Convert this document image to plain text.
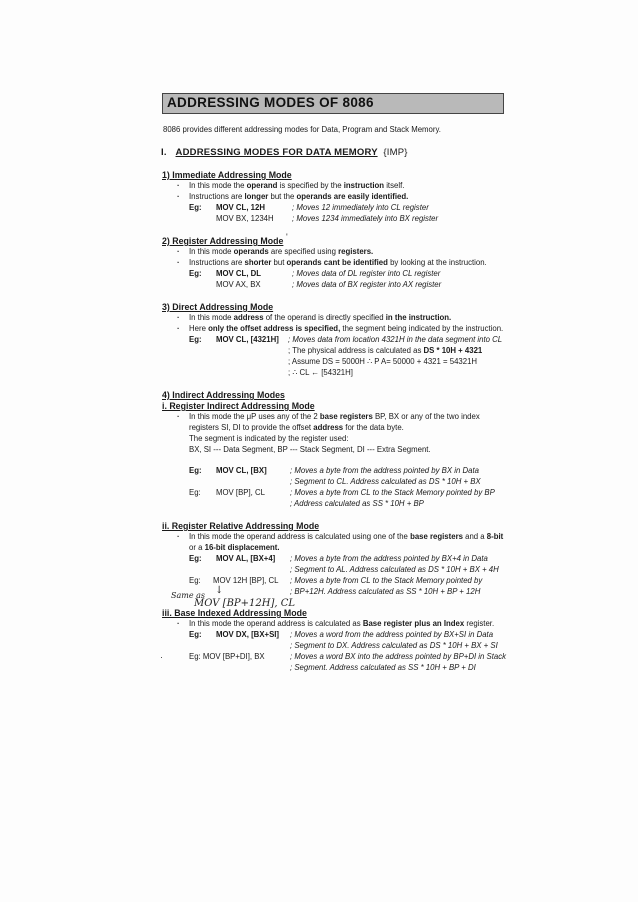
ADDRESSING MODES OF 8086
8086 provides different addressing modes for Data, Program and Stack Memory.
I. ADDRESSING MODES FOR DATA MEMORY {IMP}
1) Immediate Addressing Mode
· In this mode the operand is specified by the instruction itself.
· Instructions are longer but the operands are easily identified.
Eg: MOV CL, 12H	; Moves 12 immediately into CL register
MOV BX, 1234H ; Moves 1234 immediately into BX register
2) Register Addressing Mode '
· In this mode operands are specified using registers.
· Instructions are shorter but operands cant be identified by looking at the instruction.
Eg: MOV CL, DL	; Moves data of DL register into CL register
MOV AX, BX	; Moves data of BX register into AX register
3) Direct Addressing Mode
· In this mode address of the operand is directly specified in the instruction.
· Here only the offset address is specified, the segment being indicated by the instruction.
Eg: MOV CL, [4321H] ; Moves data from location 4321H in the data segment into CL
; The physical address is calculated as DS * 10H + 4321
; Assume DS = 5000H ∴ P A= 50000 + 4321 = 54321H
; ∴ CL ← [54321H]
4) Indirect Addressing Modes
i. Register Indirect Addressing Mode
· In this mode the μP uses any of the 2 base registers BP, BX or any of the two index
registers SI, DI to provide the offset address for the data byte.
The segment is indicated by the register used:
BX, SI --- Data Segment, BP --- Stack Segment, DI --- Extra Segment.
Eg: MOV CL, [BX]	; Moves a byte from the address pointed by BX in Data
; Segment to CL. Address calculated as DS * 10H + BX
Eg: MOV [BP], CL	; Moves a byte from CL to the Stack Memory pointed by BP
; Address calculated as SS * 10H + BP
ii. Register Relative Addressing Mode
· In this mode the operand address is calculated using one of the base registers and a 8-bit
or a 16-bit displacement.
Eg: MOV AL, [BX+4] ; Moves a byte from the address pointed by BX+4 in Data
; Segment to AL. Address calculated as DS * 10H + BX + 4H
Eg: MOV 12H [BP], CL ; Moves a byte from CL to the Stack Memory pointed by
; BP+12H. Address calculated as SS * 10H + BP + 12H
Same as ↓
MOV [BP+12H], CL
iii. Base Indexed Addressing Mode
· In this mode the operand address is calculated as Base register plus an Index register.
Eg: MOV DX, [BX+SI] ; Moves a word from the address pointed by BX+SI in Data
; Segment to DX. Address calculated as DS * 10H + BX + SI
·	Eg: MOV [BP+DI], BX	; Moves a word BX into the address pointed by BP+DI in Stack
; Segment. Address calculated as SS * 10H + BP + DI
